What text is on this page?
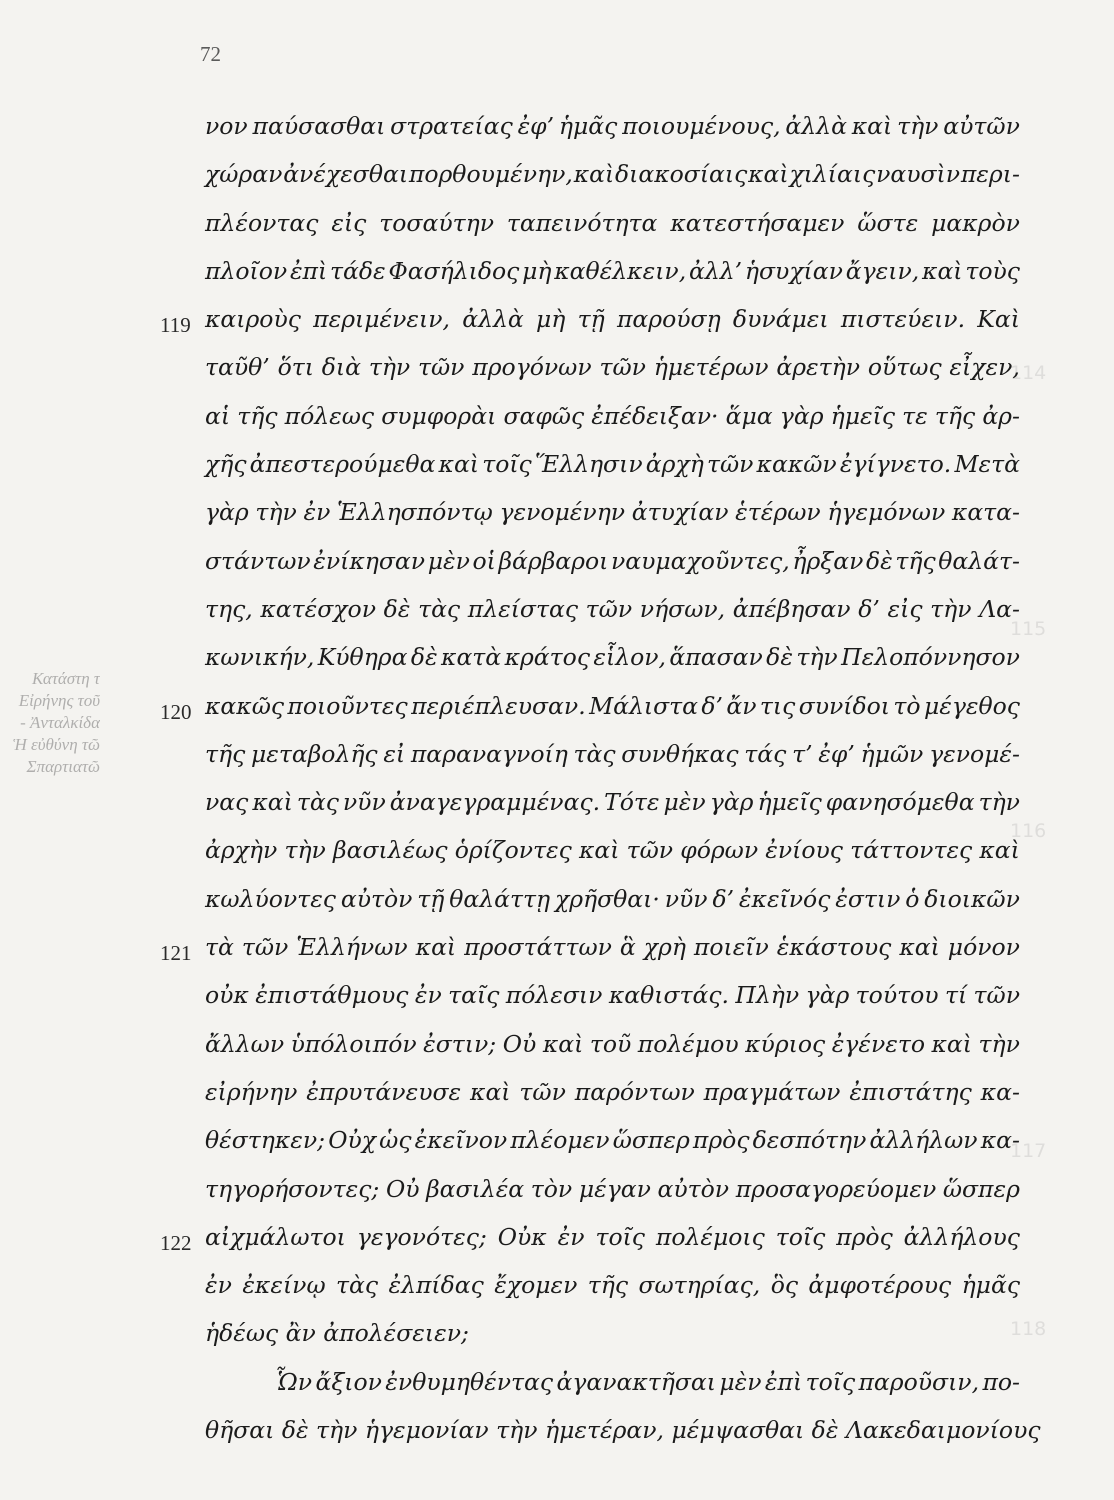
72
114
115
116
117
118
Κατάστη τ
Εἰρήνης τοῦ
Ἀνταλκίδα -
Ἡ εὐθύνη τῶ
Σπαρτιατῶ
119
120
121
122
νον παύσασθαι στρατείας ἐφ’ ἡμᾶς ποιουμένους, ἀλλὰ καὶ τὴν αὐτῶν
χώραν ἀνέχεσθαι πορθουμένην, καὶ διακοσίαις καὶ χιλίαις ναυσὶν περι-
πλέοντας εἰς τοσαύτην ταπεινότητα κατεστήσαμεν ὥστε μακρὸν
πλοῖον ἐπὶ τάδε Φασήλιδος μὴ καθέλκειν, ἀλλ’ ἡσυχίαν ἄγειν, καὶ τοὺς
καιροὺς περιμένειν, ἀλλὰ μὴ τῇ παρούσῃ δυνάμει πιστεύειν. Καὶ
ταῦθ’ ὅτι διὰ τὴν τῶν προγόνων τῶν ἡμετέρων ἀρετὴν οὕτως εἶχεν,
αἱ τῆς πόλεως συμφορὰι σαφῶς ἐπέδειξαν· ἅμα γὰρ ἡμεῖς τε τῆς ἀρ-
χῆς ἀπεστερούμεθα καὶ τοῖς Ἕλλησιν ἀρχὴ τῶν κακῶν ἐγίγνετο. Μετὰ
γὰρ τὴν ἐν Ἑλλησπόντῳ γενομένην ἀτυχίαν ἑτέρων ἡγεμόνων κατα-
στάντων ἐνίκησαν μὲν οἱ βάρβαροι ναυμαχοῦντες, ἦρξαν δὲ τῆς θαλάτ-
της, κατέσχον δὲ τὰς πλείστας τῶν νήσων, ἀπέβησαν δ’ εἰς τὴν Λα-
κωνικήν, Κύθηρα δὲ κατὰ κράτος εἷλον, ἅπασαν δὲ τὴν Πελοπόννησον
κακῶς ποιοῦντες περιέπλευσαν. Μάλιστα δ’ ἄν τις συνίδοι τὸ μέγεθος
τῆς μεταβολῆς εἰ παραναγνοίη τὰς συνθήκας τάς τ’ ἐφ’ ἡμῶν γενομέ-
νας καὶ τὰς νῦν ἀναγεγραμμένας. Τότε μὲν γὰρ ἡμεῖς φανησόμεθα τὴν
ἀρχὴν τὴν βασιλέως ὁρίζοντες καὶ τῶν φόρων ἐνίους τάττοντες καὶ
κωλύοντες αὐτὸν τῇ θαλάττῃ χρῆσθαι· νῦν δ’ ἐκεῖνός ἐστιν ὁ διοικῶν
τὰ τῶν Ἑλλήνων καὶ προστάττων ἃ χρὴ ποιεῖν ἑκάστους καὶ μόνον
οὐκ ἐπιστάθμους ἐν ταῖς πόλεσιν καθιστάς. Πλὴν γὰρ τούτου τί τῶν
ἄλλων ὑπόλοιπόν ἐστιν; Οὐ καὶ τοῦ πολέμου κύριος ἐγένετο καὶ τὴν
εἰρήνην ἐπρυτάνευσε καὶ τῶν παρόντων πραγμάτων ἐπιστάτης κα-
θέστηκεν; Οὐχ ὡς ἐκεῖνον πλέομεν ὥσπερ πρὸς δεσπότην ἀλλήλων κα-
τηγορήσοντες; Οὐ βασιλέα τὸν μέγαν αὐτὸν προσαγορεύομεν ὥσπερ
αἰχμάλωτοι γεγονότες; Οὐκ ἐν τοῖς πολέμοις τοῖς πρὸς ἀλλήλους
ἐν ἐκείνῳ τὰς ἐλπίδας ἔχομεν τῆς σωτηρίας, ὃς ἀμφοτέρους ἡμᾶς
ἡδέως ἂν ἀπολέσειεν;
Ὧν ἄξιον ἐνθυμηθέντας ἀγανακτῆσαι μὲν ἐπὶ τοῖς παροῦσιν, πο-
θῆσαι δὲ τὴν ἡγεμονίαν τὴν ἡμετέραν, μέμψασθαι δὲ Λακεδαιμονίους
